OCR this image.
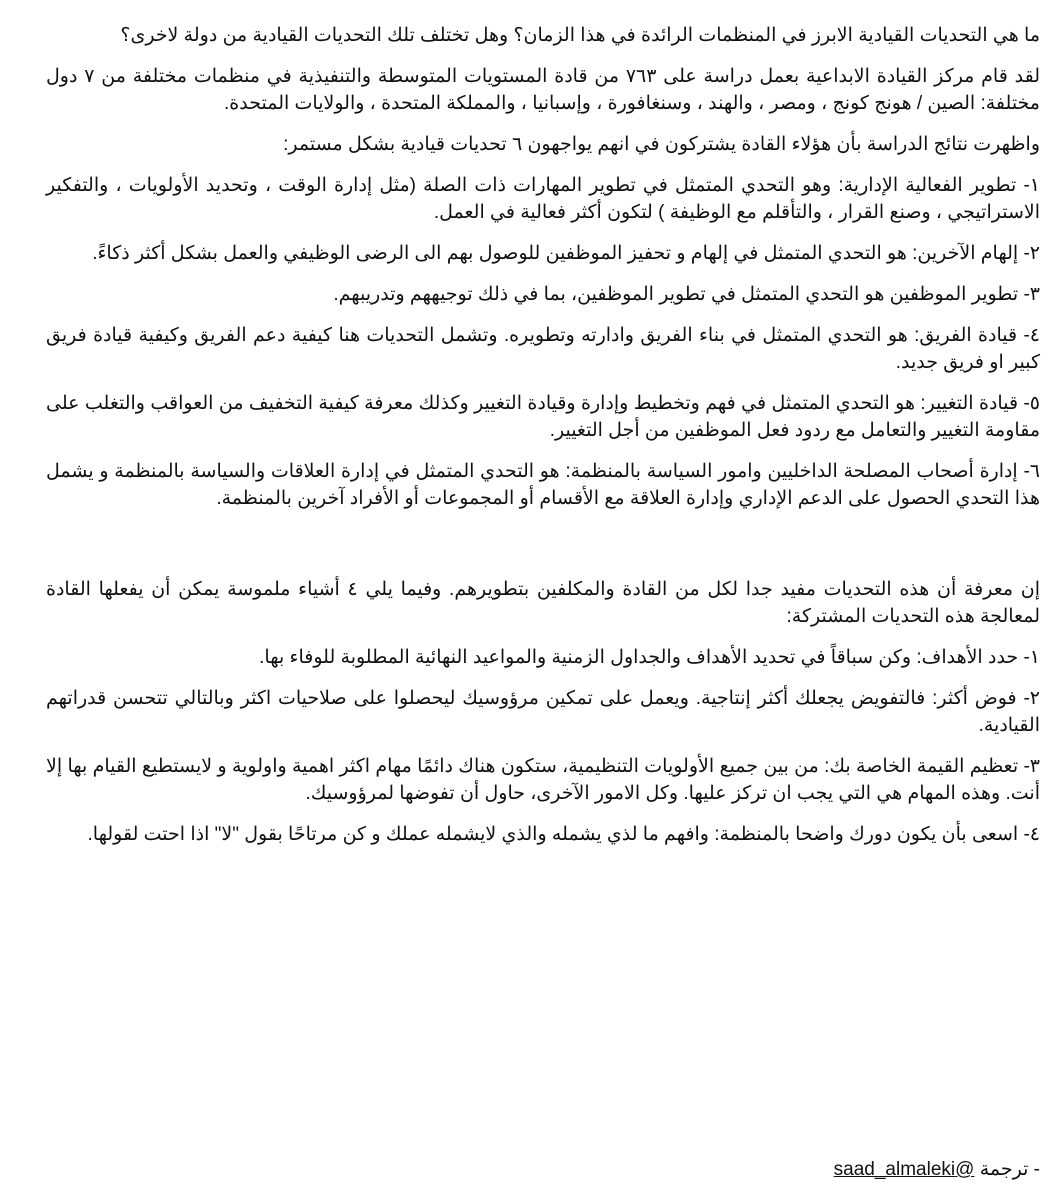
ما هي التحديات القيادية الابرز في المنظمات الرائدة في هذا الزمان؟ وهل تختلف تلك التحديات القيادية من دولة لاخرى؟

لقد قام مركز القيادة الابداعية بعمل دراسة على ٧٦٣ من قادة المستويات المتوسطة والتنفيذية في منظمات مختلفة من ٧ دول مختلفة: الصين / هونج كونج ، ومصر ، والهند ، وسنغافورة ، وإسبانيا ، والمملكة المتحدة ، والولايات المتحدة.

واظهرت نتائج الدراسة بأن هؤلاء القادة يشتركون في انهم يواجهون ٦ تحديات قيادية بشكل مستمر:

١- تطوير الفعالية الإدارية: وهو التحدي المتمثل في تطوير المهارات ذات الصلة (مثل إدارة الوقت ، وتحديد الأولويات ، والتفكير الاستراتيجي ، وصنع القرار ، والتأقلم مع الوظيفة ) لتكون أكثر فعالية في العمل.

٢- إلهام الآخرين: هو التحدي المتمثل في إلهام و تحفيز الموظفين للوصول بهم الى الرضى الوظيفي والعمل بشكل أكثر ذكاءً.

٣- تطوير الموظفين هو التحدي المتمثل في تطوير الموظفين، بما في ذلك توجيههم وتدريبهم.

٤- قيادة الفريق: هو التحدي المتمثل في بناء الفريق وادارته وتطويره. وتشمل التحديات هنا كيفية دعم الفريق وكيفية قيادة فريق كبير او فريق جديد.

٥- قيادة التغيير: هو التحدي المتمثل في فهم وتخطيط وإدارة وقيادة التغيير وكذلك معرفة كيفية التخفيف من العواقب والتغلب على مقاومة التغيير والتعامل مع ردود فعل الموظفين من أجل التغيير.

٦- إدارة أصحاب المصلحة الداخليين وامور السياسة بالمنظمة: هو التحدي المتمثل في إدارة العلاقات والسياسة بالمنظمة و يشمل هذا التحدي الحصول على الدعم الإداري وإدارة العلاقة مع الأقسام أو المجموعات أو الأفراد آخرين بالمنظمة.

إن معرفة أن هذه التحديات مفيد جدا لكل من القادة والمكلفين بتطويرهم. وفيما يلي ٤ أشياء ملموسة يمكن أن يفعلها القادة لمعالجة هذه التحديات المشتركة:

١- حدد الأهداف: وكن سباقاً في تحديد الأهداف والجداول الزمنية والمواعيد النهائية المطلوبة للوفاء بها.

٢- فوض أكثر: فالتفويض يجعلك أكثر إنتاجية. ويعمل على تمكين مرؤوسيك ليحصلوا على صلاحيات اكثر وبالتالي تتحسن قدراتهم القيادية.

٣- تعظيم القيمة الخاصة بك: من بين جميع الأولويات التنظيمية، ستكون هناك دائمًا مهام اكثر اهمية واولوية و لايستطيع القيام بها إلا أنت. وهذه المهام هي التي يجب ان تركز عليها. وكل الامور الآخرى، حاول أن تفوضها لمرؤوسيك.

٤- اسعى بأن يكون دورك واضحا بالمنظمة: وافهم ما لذي يشمله والذي لايشمله عملك و كن مرتاحًا بقول "لا" اذا احتت لقولها.

- ترجمة @saad_almaleki
